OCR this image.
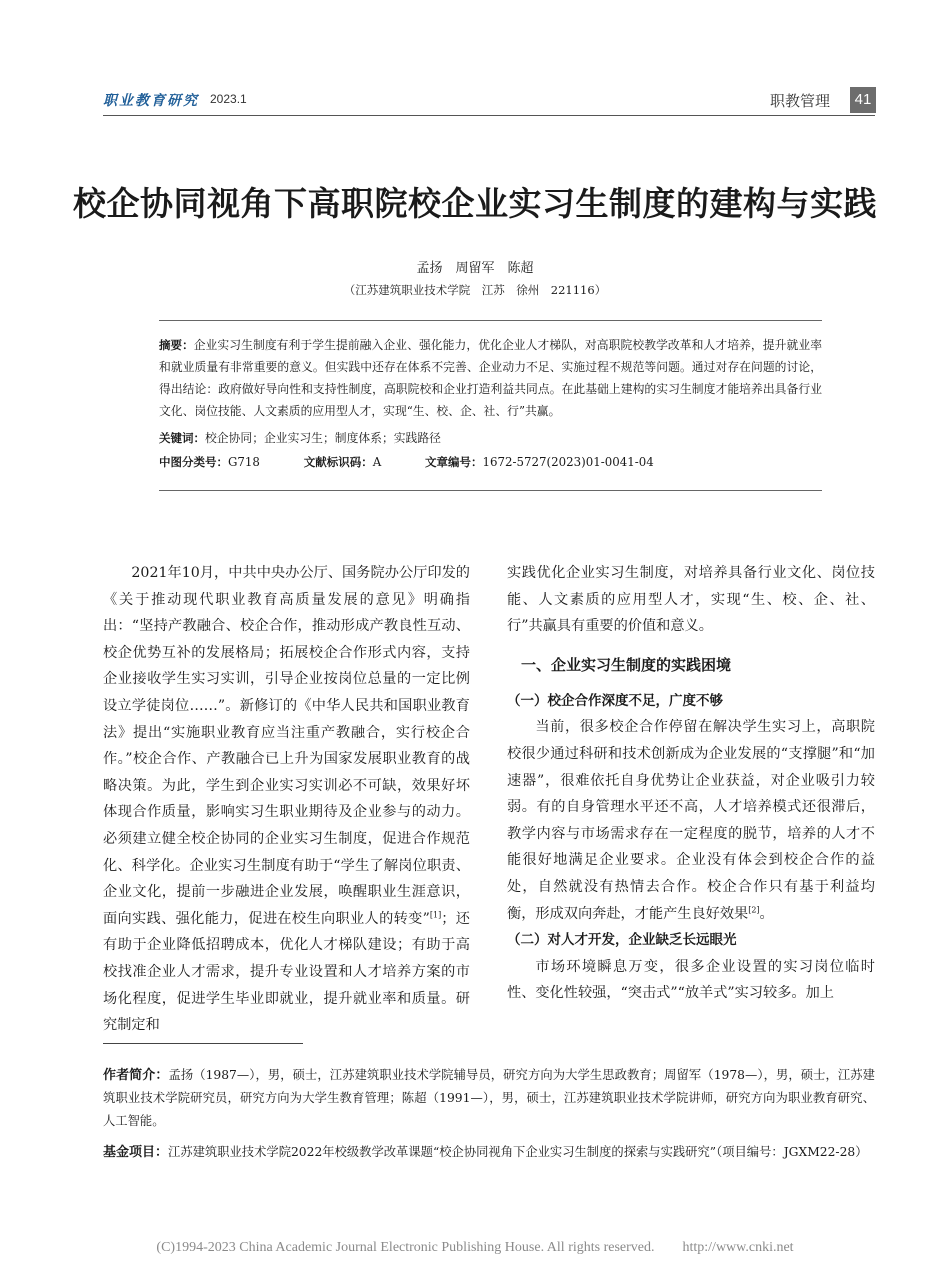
职业教育研究 2023.1	职教管理	41
校企协同视角下高职院校企业实习生制度的建构与实践
孟扬　周留军　陈超
（江苏建筑职业技术学院　江苏　徐州　221116）
摘要：企业实习生制度有利于学生提前融入企业、强化能力，优化企业人才梯队，对高职院校教学改革和人才培养，提升就业率和就业质量有非常重要的意义。但实践中还存在体系不完善、企业动力不足、实施过程不规范等问题。通过对存在问题的讨论，得出结论：政府做好导向性和支持性制度，高职院校和企业打造利益共同点。在此基础上建构的实习生制度才能培养出具备行业文化、岗位技能、人文素质的应用型人才，实现“生、校、企、社、行”共赢。
关键词：校企协同；企业实习生；制度体系；实践路径
中图分类号：G718	文献标识码：A	文章编号：1672-5727(2023)01-0041-04

2021年10月，中共中央办公厅、国务院办公厅印发的《关于推动现代职业教育高质量发展的意见》明确指出：“坚持产教融合、校企合作，推动形成产教良性互动、校企优势互补的发展格局；拓展校企合作形式内容，支持企业接收学生实习实训，引导企业按岗位总量的一定比例设立学徒岗位……”。新修订的《中华人民共和国职业教育法》提出“实施职业教育应当注重产教融合，实行校企合作。”校企合作、产教融合已上升为国家发展职业教育的战略决策。为此，学生到企业实习实训必不可缺，效果好坏体现合作质量，影响实习生职业期待及企业参与的动力。必须建立健全校企协同的企业实习生制度，促进合作规范化、科学化。企业实习生制度有助于“学生了解岗位职责、企业文化，提前一步融进企业发展，唤醒职业生涯意识，面向实践、强化能力，促进在校生向职业人的转变”[1]；还有助于企业降低招聘成本，优化人才梯队建设；有助于高校找准企业人才需求，提升专业设置和人才培养方案的市场化程度，促进学生毕业即就业，提升就业率和质量。研究制定和

实践优化企业实习生制度，对培养具备行业文化、岗位技能、人文素质的应用型人才，实现“生、校、企、社、行”共赢具有重要的价值和意义。

一、企业实习生制度的实践困境
（一）校企合作深度不足，广度不够

当前，很多校企合作停留在解决学生实习上，高职院校很少通过科研和技术创新成为企业发展的“支撑腿”和“加速器”，很难依托自身优势让企业获益，对企业吸引力较弱。有的自身管理水平还不高，人才培养模式还很滞后，教学内容与市场需求存在一定程度的脱节，培养的人才不能很好地满足企业要求。企业没有体会到校企合作的益处，自然就没有热情去合作。校企合作只有基于利益均衡，形成双向奔赴，才能产生良好效果[2]。

（二）对人才开发，企业缺乏长远眼光

市场环境瞬息万变，很多企业设置的实习岗位临时性、变化性较强，“突击式”“放羊式”实习较多。加上

作者简介：孟扬（1987—），男，硕士，江苏建筑职业技术学院辅导员，研究方向为大学生思政教育；周留军（1978—），男，硕士，江苏建筑职业技术学院研究员，研究方向为大学生教育管理；陈超（1991—），男，硕士，江苏建筑职业技术学院讲师，研究方向为职业教育研究、人工智能。
基金项目：江苏建筑职业技术学院2022年校级教学改革课题“校企协同视角下企业实习生制度的探索与实践研究”（项目编号：JGXM22-28）
(C)1994-2023 China Academic Journal Electronic Publishing House. All rights reserved.　　http://www.cnki.net
